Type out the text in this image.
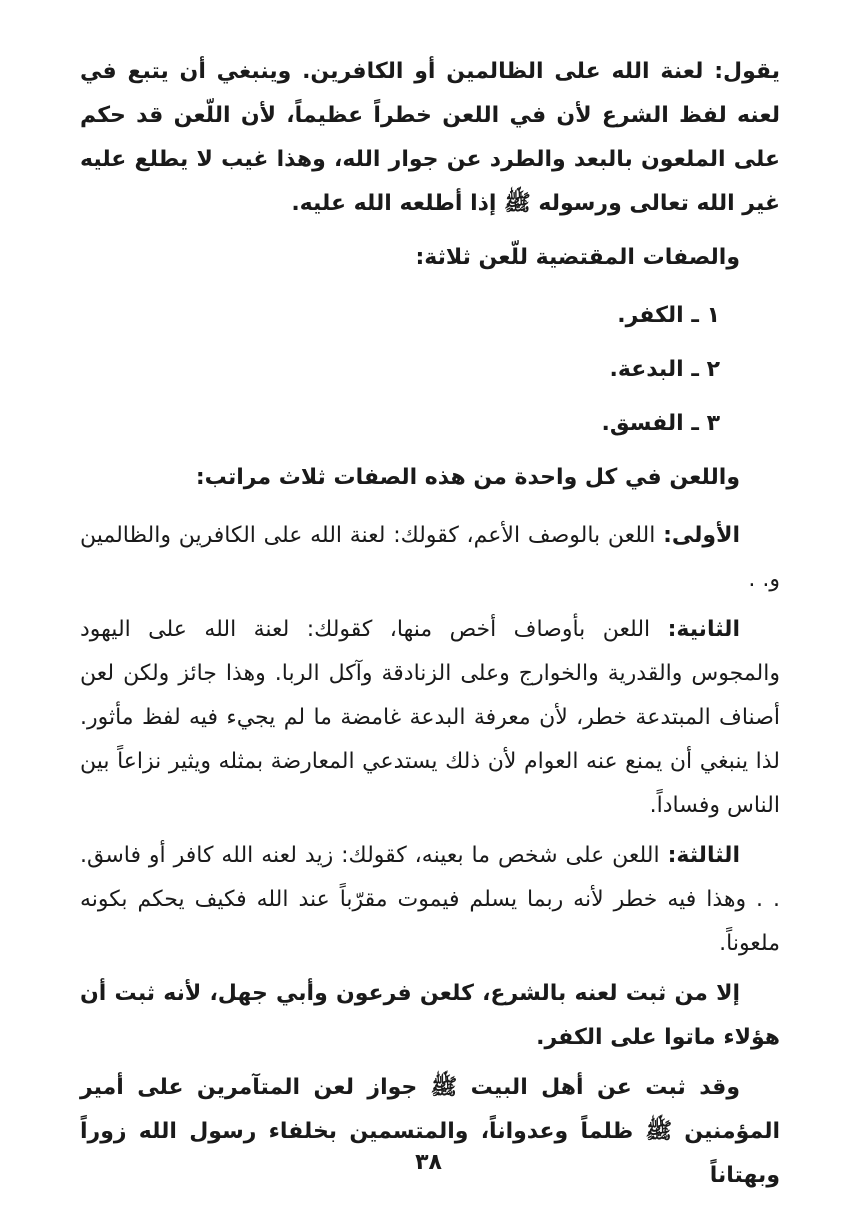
يقول: لعنة الله على الظالمين أو الكافرين. وينبغي أن يتبع في لعنه لفظ الشرع لأن في اللعن خطراً عظيماً، لأن اللّعن قد حكم على الملعون بالبعد والطرد عن جوار الله، وهذا غيب لا يطلع عليه غير الله تعالى ورسوله ﷺ إذا أطلعه الله عليه.

والصفات المقتضية للّعن ثلاثة:
١ ـ الكفر.
٢ ـ البدعة.
٣ ـ الفسق.
واللعن في كل واحدة من هذه الصفات ثلاث مراتب:

الأولى: اللعن بالوصف الأعم، كقولك: لعنة الله على الكافرين والظالمين و. .

الثانية: اللعن بأوصاف أخص منها، كقولك: لعنة الله على اليهود والمجوس والقدرية والخوارج وعلى الزنادقة وآكل الربا. وهذا جائز ولكن لعن أصناف المبتدعة خطر، لأن معرفة البدعة غامضة ما لم يجيء فيه لفظ مأثور. لذا ينبغي أن يمنع عنه العوام لأن ذلك يستدعي المعارضة بمثله ويثير نزاعاً بين الناس وفساداً.

الثالثة: اللعن على شخص ما بعينه، كقولك: زيد لعنه الله كافر أو فاسق. . . وهذا فيه خطر لأنه ربما يسلم فيموت مقرّباً عند الله فكيف يحكم بكونه ملعوناً.

إلا من ثبت لعنه بالشرع، كلعن فرعون وأبي جهل، لأنه ثبت أن هؤلاء ماتوا على الكفر.

وقد ثبت عن أهل البيت ﷺ جواز لعن المتآمرين على أمير المؤمنين ﷺ ظلماً وعدواناً، والمتسمين بخلفاء رسول الله زوراً وبهتاناً

٣٨
